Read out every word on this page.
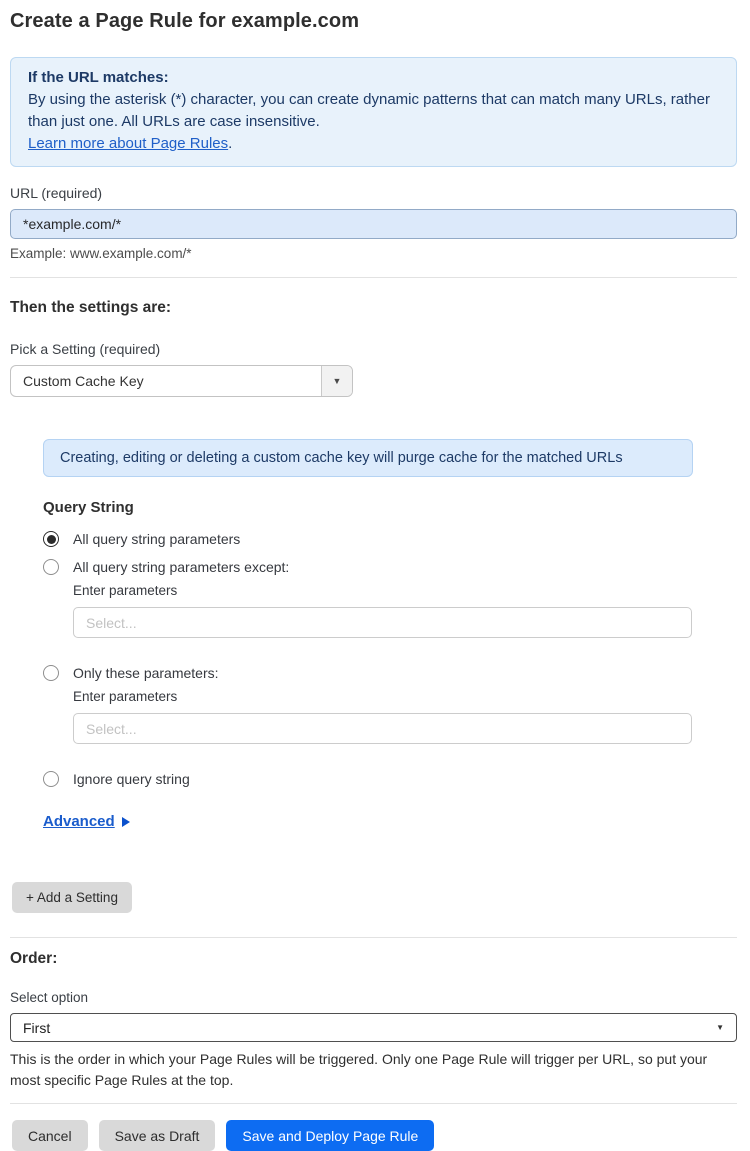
Create a Page Rule for example.com
If the URL matches:
By using the asterisk (*) character, you can create dynamic patterns that can match many URLs, rather than just one. All URLs are case insensitive.
Learn more about Page Rules.
URL (required)
*example.com/*
Example: www.example.com/*
Then the settings are:
Pick a Setting (required)
Custom Cache Key	▼
Creating, editing or deleting a custom cache key will purge cache for the matched URLs
Query String
All query string parameters
All query string parameters except:
Enter parameters
Select...
Only these parameters:
Enter parameters
Select...
Ignore query string
Advanced
+ Add a Setting
Order:
Select option
First	▼
This is the order in which your Page Rules will be triggered. Only one Page Rule will trigger per URL, so put your most specific Page Rules at the top.
Cancel	Save as Draft	Save and Deploy Page Rule
